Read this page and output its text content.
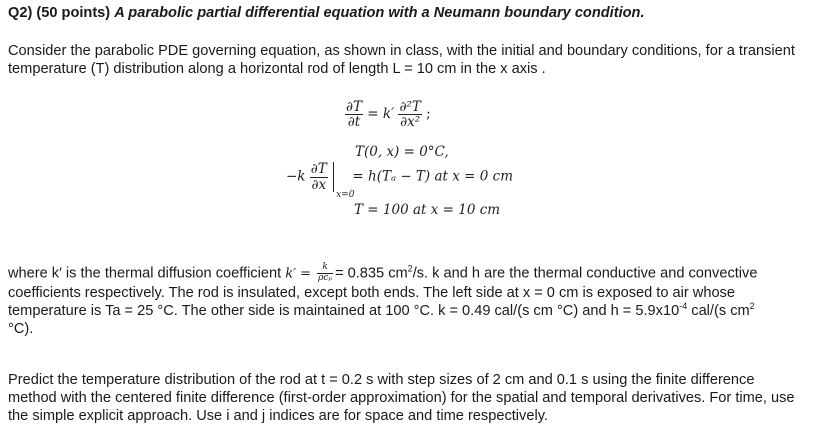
Q2) (50 points) A parabolic partial differential equation with a Neumann boundary condition.
Consider the parabolic PDE governing equation, as shown in class, with the initial and boundary conditions, for a transient
temperature (T) distribution along a horizontal rod of length L = 10 cm in the x axis .
$\frac{\partial T}{\partial t} = k' \frac{\text{∂²T}}{\text{∂x²}}$ ;
T(0, x) = 0°C,
$-k \frac{\partial T}{\partial x}$

x=0
= h(Tₐ − T) at x = 0 cm
T = 100 at x = 10 cm
where k′ is the thermal diffusion coefficient $k' = \frac{k}{\text{ρcₚ}} = 0.835$ $cm^2/s$. k and h are the thermal conductive and convective
coefficients respectively. The rod is insulated, except both ends. The left side at x = 0 cm is exposed to air whose
temperature is Ta = 25 °C. The other side is maintained at 100 °C. k = 0.49 cal/(s cm °C) and $h = 5.9x10^{-4}$ cal/(s $cm^2$
°C).
Predict the temperature distribution of the rod at t = 0.2 s with step sizes of 2 cm and 0.1 s using the finite difference
method with the centered finite difference (first-order approximation) for the spatial and temporal derivatives. For time, use
the simple explicit approach. Use i and j indices are for space and time respectively.
